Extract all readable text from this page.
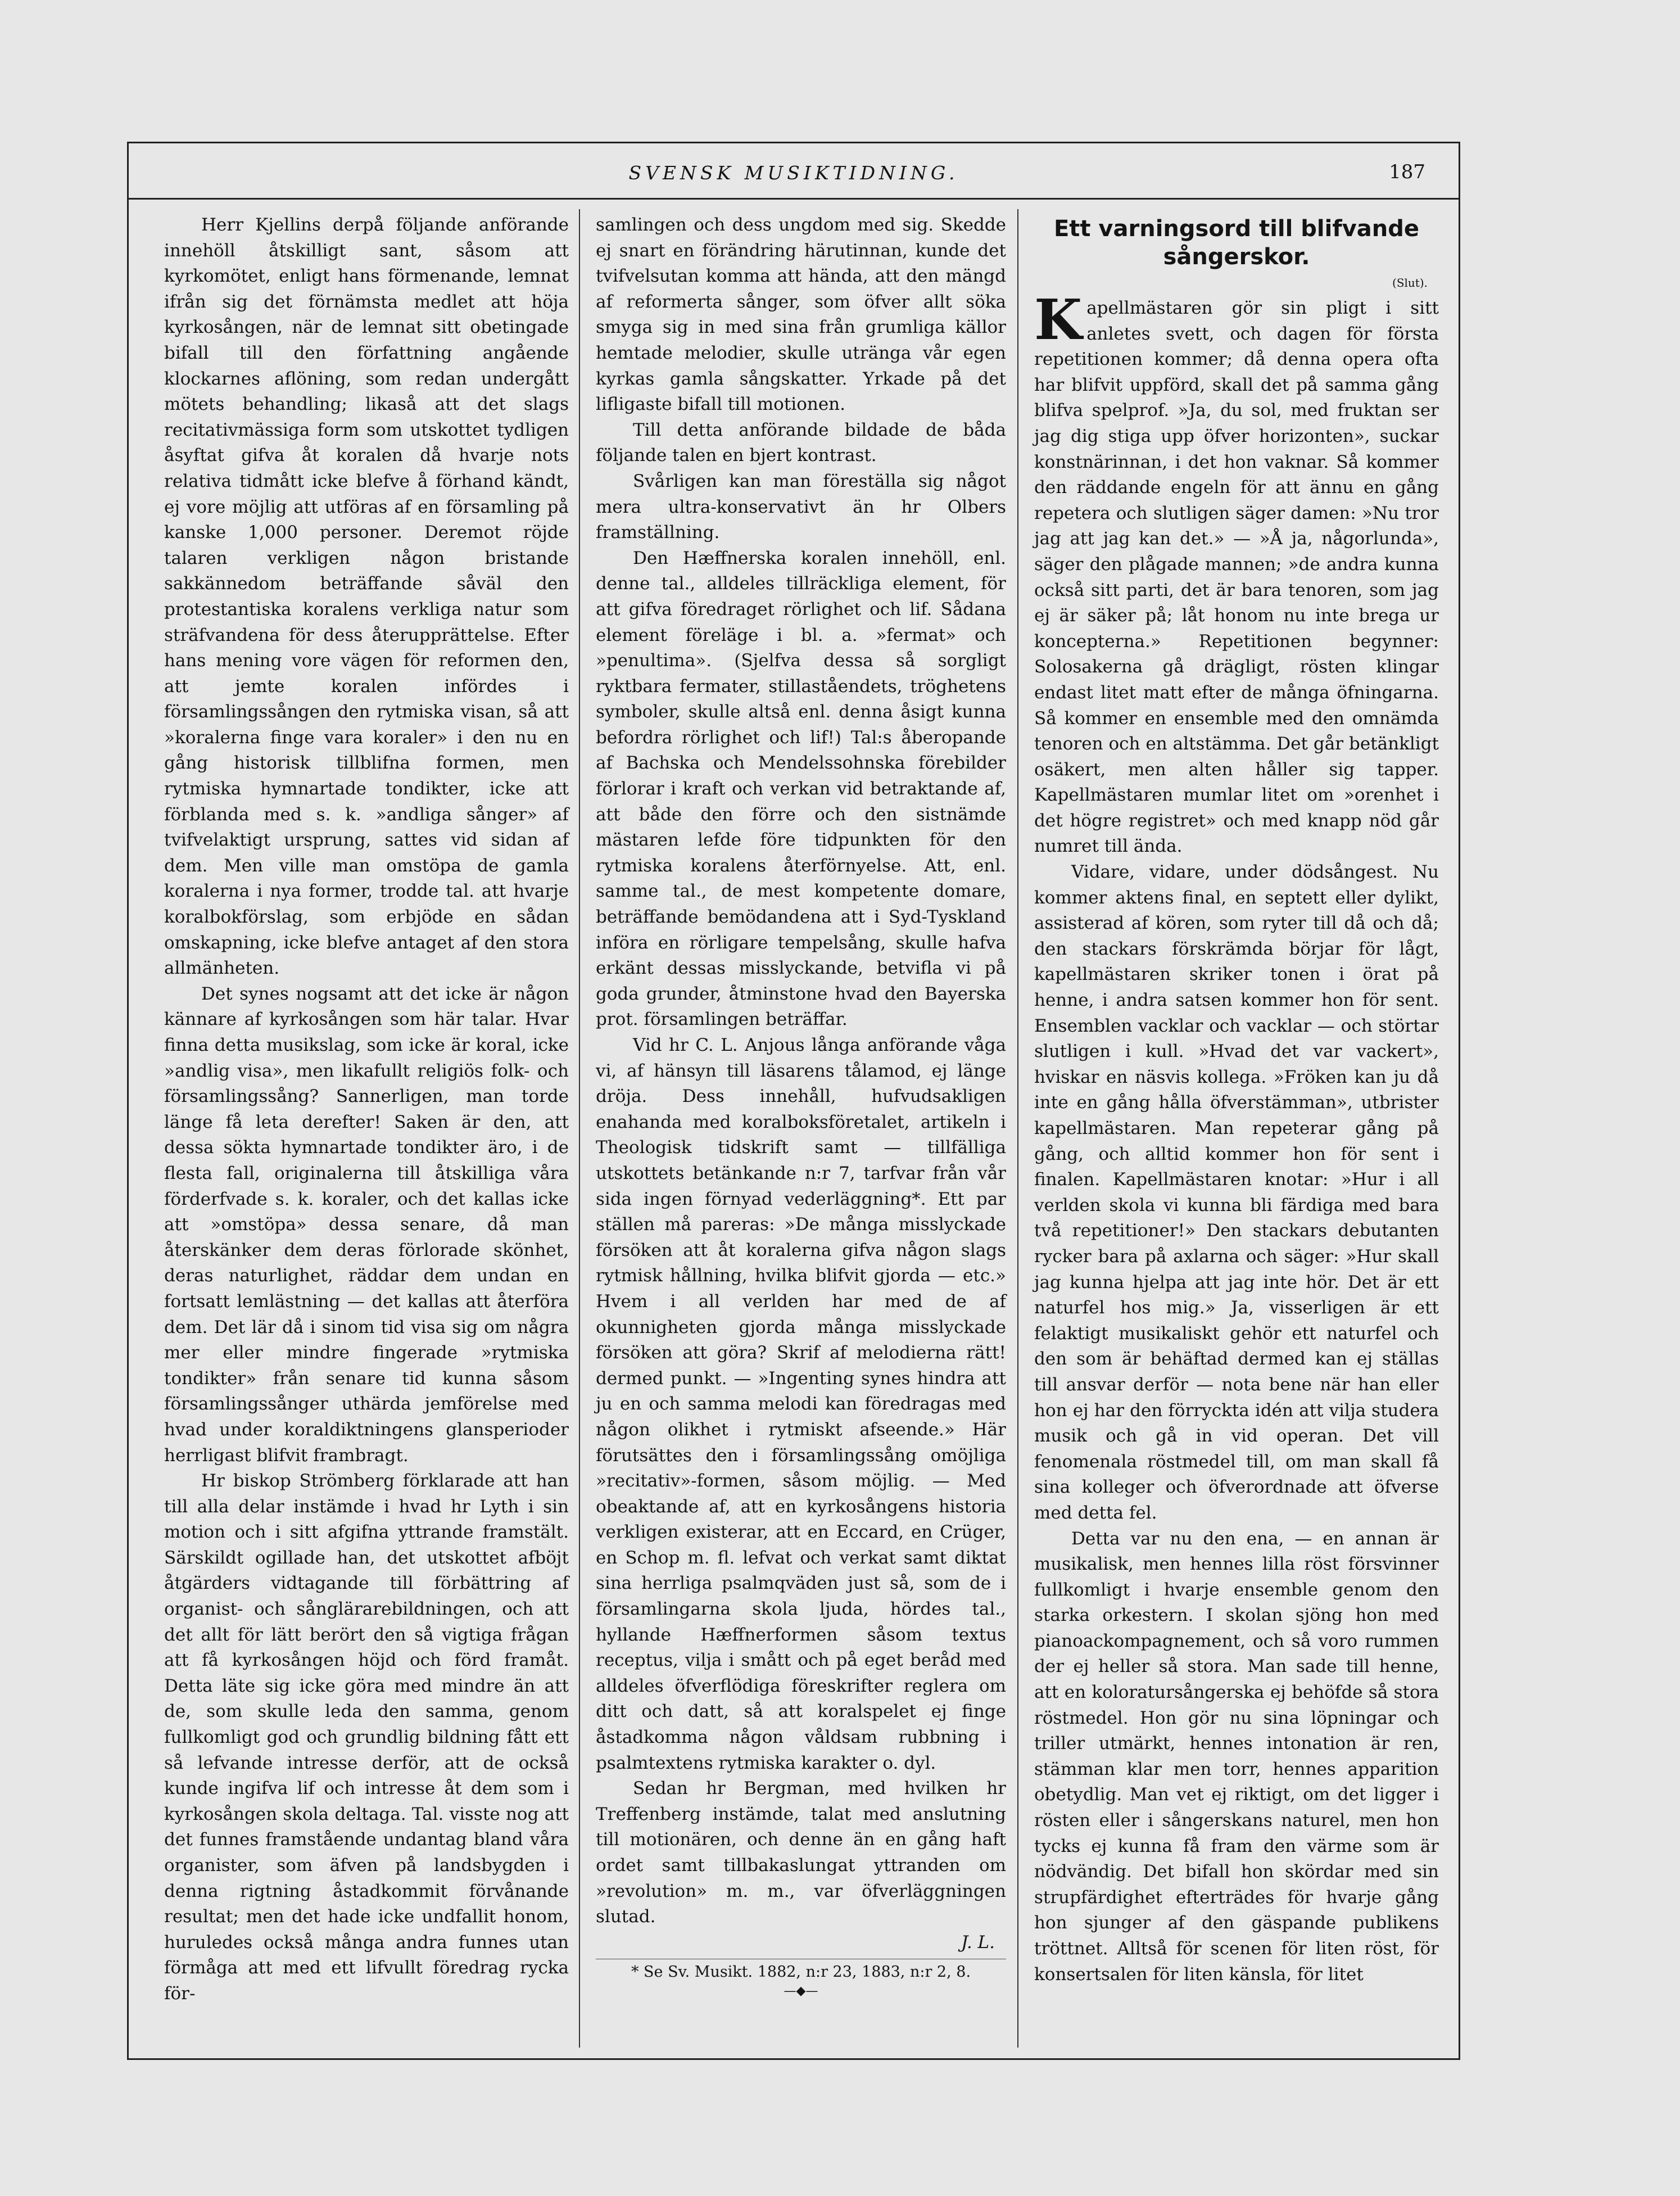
SVENSK MUSIKTIDNING.	187

Herr Kjellins derpå följande anförande innehöll åtskilligt sant, såsom att kyrkomötet, enligt hans förmenande, lemnat ifrån sig det förnämsta medlet att höja kyrkosången, när de lemnat sitt obetingade bifall till den författning angående klockarnes aflöning, som redan undergått mötets behandling; likaså att det slags recitativmässiga form som utskottet tydligen åsyftat gifva åt koralen då hvarje nots relativa tidmått icke blefve å förhand kändt, ej vore möjlig att utföras af en församling på kanske 1,000 personer. Deremot röjde talaren verkligen någon bristande sakkännedom beträffande såväl den protestantiska koralens verkliga natur som sträfvandena för dess återupprättelse. Efter hans mening vore vägen för reformen den, att jemte koralen infördes i församlingssången den rytmiska visan, så att »koralerna finge vara koraler» i den nu en gång historisk tillblifna formen, men rytmiska hymnartade tondikter, icke att förblanda med s. k. »andliga sånger» af tvifvelaktigt ursprung, sattes vid sidan af dem. Men ville man omstöpa de gamla koralerna i nya former, trodde tal. att hvarje koralbokförslag, som erbjöde en sådan omskapning, icke blefve antaget af den stora allmänheten.

Det synes nogsamt att det icke är någon kännare af kyrkosången som här talar. Hvar finna detta musikslag, som icke är koral, icke »andlig visa», men likafullt religiös folk- och församlingssång? Sannerligen, man torde länge få leta derefter! Saken är den, att dessa sökta hymnartade tondikter äro, i de flesta fall, originalerna till åtskilliga våra förderfvade s. k. koraler, och det kallas icke att »omstöpa» dessa senare, då man återskänker dem deras förlorade skönhet, deras naturlighet, räddar dem undan en fortsatt lemlästning — det kallas att återföra dem. Det lär då i sinom tid visa sig om några mer eller mindre fingerade »rytmiska tondikter» från senare tid kunna såsom församlingssånger uthärda jemförelse med hvad under koraldiktningens glansperioder herrligast blifvit frambragt.

Hr biskop Strömberg förklarade att han till alla delar instämde i hvad hr Lyth i sin motion och i sitt afgifna yttrande framstält. Särskildt ogillade han, det utskottet afböjt åtgärders vidtagande till förbättring af organist- och sånglärarebildningen, och att det allt för lätt berört den så vigtiga frågan att få kyrkosången höjd och förd framåt. Detta läte sig icke göra med mindre än att de, som skulle leda den samma, genom fullkomligt god och grundlig bildning fått ett så lefvande intresse derför, att de också kunde ingifva lif och intresse åt dem som i kyrkosången skola deltaga. Tal. visste nog att det funnes framstående undantag bland våra organister, som äfven på landsbygden i denna rigtning åstadkommit förvånande resultat; men det hade icke undfallit honom, huruledes också många andra funnes utan förmåga att med ett lifvullt föredrag rycka för-

samlingen och dess ungdom med sig. Skedde ej snart en förändring härutinnan, kunde det tvifvelsutan komma att hända, att den mängd af reformerta sånger, som öfver allt söka smyga sig in med sina från grumliga källor hemtade melodier, skulle utränga vår egen kyrkas gamla sångskatter. Yrkade på det lifligaste bifall till motionen.

Till detta anförande bildade de båda följande talen en bjert kontrast.

Svårligen kan man föreställa sig något mera ultra-konservativt än hr Olbers framställning.

Den Hæffnerska koralen innehöll, enl. denne tal., alldeles tillräckliga element, för att gifva föredraget rörlighet och lif. Sådana element föreläge i bl. a. »fermat» och »penultima». (Sjelfva dessa så sorgligt ryktbara fermater, stillaståendets, tröghetens symboler, skulle altså enl. denna åsigt kunna befordra rörlighet och lif!) Tal:s åberopande af Bachska och Mendelssohnska förebilder förlorar i kraft och verkan vid betraktande af, att både den förre och den sistnämde mästaren lefde före tidpunkten för den rytmiska koralens återförnyelse. Att, enl. samme tal., de mest kompetente domare, beträffande bemödandena att i Syd-Tyskland införa en rörligare tempelsång, skulle hafva erkänt dessas misslyckande, betvifla vi på goda grunder, åtminstone hvad den Bayerska prot. församlingen beträffar.

Vid hr C. L. Anjous långa anförande våga vi, af hänsyn till läsarens tålamod, ej länge dröja. Dess innehåll, hufvudsakligen enahanda med koralboksföretalet, artikeln i Theologisk tidskrift samt — tillfälliga utskottets betänkande n:r 7, tarfvar från vår sida ingen förnyad vederläggning*. Ett par ställen må pareras: »De många misslyckade försöken att åt koralerna gifva någon slags rytmisk hållning, hvilka blifvit gjorda — etc.» Hvem i all verlden har med de af okunnigheten gjorda många misslyckade försöken att göra? Skrif af melodierna rätt! dermed punkt. — »Ingenting synes hindra att ju en och samma melodi kan föredragas med någon olikhet i rytmiskt afseende.» Här förutsättes den i församlingssång omöjliga »recitativ»-formen, såsom möjlig. — Med obeaktande af, att en kyrkosångens historia verkligen existerar, att en Eccard, en Crüger, en Schop m. fl. lefvat och verkat samt diktat sina herrliga psalmqväden just så, som de i församlingarna skola ljuda, hördes tal., hyllande Hæffnerformen såsom textus receptus, vilja i smått och på eget beråd med alldeles öfverflödiga föreskrifter reglera om ditt och datt, så att koralspelet ej finge åstadkomma någon våldsam rubbning i psalmtextens rytmiska karakter o. dyl.

Sedan hr Bergman, med hvilken hr Treffenberg instämde, talat med anslutning till motionären, och denne än en gång haft ordet samt tillbakaslungat yttranden om »revolution» m. m., var öfverläggningen slutad.

J. L.
* Se Sv. Musikt. 1882, n:r 23, 1883, n:r 2, 8.
—◆—
Ett varningsord till blifvande sångerskor.
(Slut).

Kapellmästaren gör sin pligt i sitt anletes svett, och dagen för första repetitionen kommer; då denna opera ofta har blifvit uppförd, skall det på samma gång blifva spelprof. »Ja, du sol, med fruktan ser jag dig stiga upp öfver horizonten», suckar konstnärinnan, i det hon vaknar. Så kommer den räddande engeln för att ännu en gång repetera och slutligen säger damen: »Nu tror jag att jag kan det.» — »Å ja, någorlunda», säger den plågade mannen; »de andra kunna också sitt parti, det är bara tenoren, som jag ej är säker på; låt honom nu inte brega ur koncepterna.» Repetitionen begynner: Solosakerna gå drägligt, rösten klingar endast litet matt efter de många öfningarna. Så kommer en ensemble med den omnämda tenoren och en altstämma. Det går betänkligt osäkert, men alten håller sig tapper. Kapellmästaren mumlar litet om »orenhet i det högre registret» och med knapp nöd går numret till ända.

Vidare, vidare, under dödsångest. Nu kommer aktens final, en septett eller dylikt, assisterad af kören, som ryter till då och då; den stackars förskrämda börjar för lågt, kapellmästaren skriker tonen i örat på henne, i andra satsen kommer hon för sent. Ensemblen vacklar och vacklar — och störtar slutligen i kull. »Hvad det var vackert», hviskar en näsvis kollega. »Fröken kan ju då inte en gång hålla öfverstämman», utbrister kapellmästaren. Man repeterar gång på gång, och alltid kommer hon för sent i finalen. Kapellmästaren knotar: »Hur i all verlden skola vi kunna bli färdiga med bara två repetitioner!» Den stackars debutanten rycker bara på axlarna och säger: »Hur skall jag kunna hjelpa att jag inte hör. Det är ett naturfel hos mig.» Ja, visserligen är ett felaktigt musikaliskt gehör ett naturfel och den som är behäftad dermed kan ej ställas till ansvar derför — nota bene när han eller hon ej har den förryckta idén att vilja studera musik och gå in vid operan. Det vill fenomenala röstmedel till, om man skall få sina kolleger och öfverordnade att öfverse med detta fel.

Detta var nu den ena, — en annan är musikalisk, men hennes lilla röst försvinner fullkomligt i hvarje ensemble genom den starka orkestern. I skolan sjöng hon med pianoackompagnement, och så voro rummen der ej heller så stora. Man sade till henne, att en koloratursångerska ej behöfde så stora röstmedel. Hon gör nu sina löpningar och triller utmärkt, hennes intonation är ren, stämman klar men torr, hennes apparition obetydlig. Man vet ej riktigt, om det ligger i rösten eller i sångerskans naturel, men hon tycks ej kunna få fram den värme som är nödvändig. Det bifall hon skördar med sin strupfärdighet efterträdes för hvarje gång hon sjunger af den gäspande publikens tröttnet. Alltså för scenen för liten röst, för konsertsalen för liten känsla, för litet
